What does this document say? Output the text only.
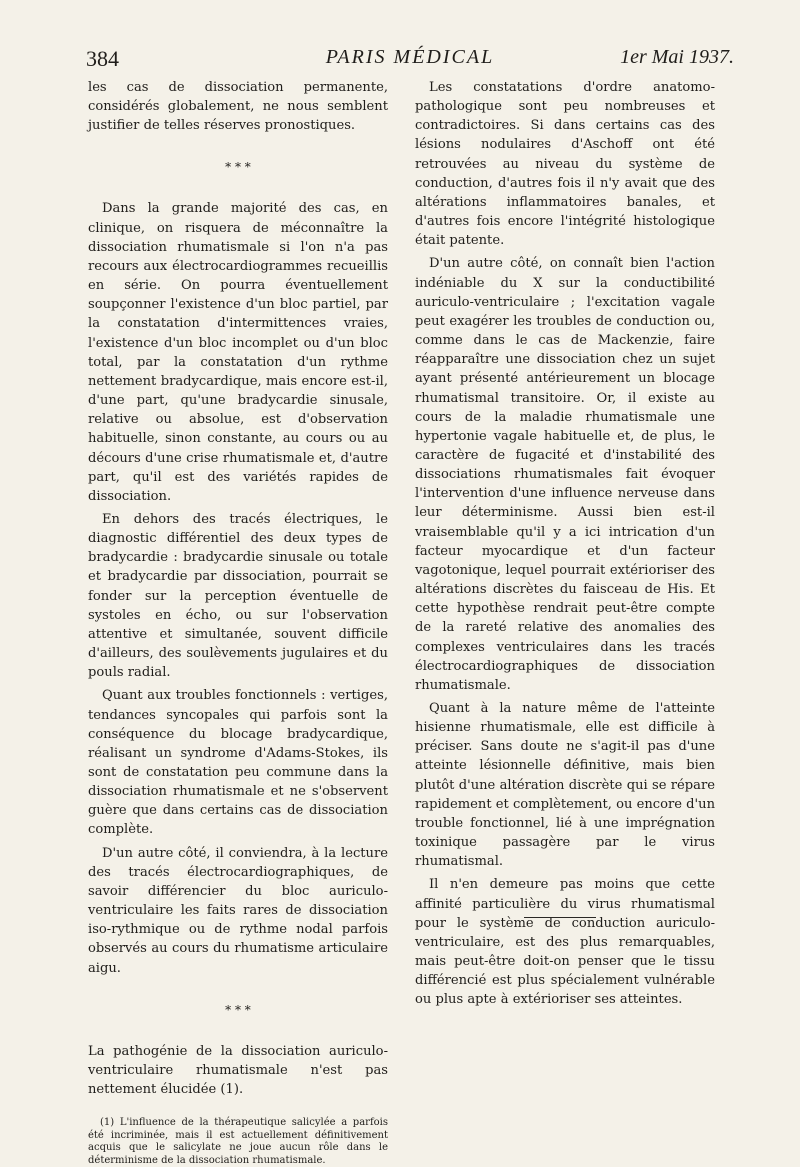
384	PARIS MÉDICAL	1er Mai 1937.

les cas de dissociation permanente, considérés globalement, ne nous semblent justifier de telles réserves pronostiques.

* * *

Dans la grande majorité des cas, en clinique, on risquera de méconnaître la dissociation rhumatismale si l'on n'a pas recours aux électrocardiogrammes recueillis en série. On pourra éventuellement soupçonner l'existence d'un bloc partiel, par la constatation d'intermittences vraies, l'existence d'un bloc incomplet ou d'un bloc total, par la constatation d'un rythme nettement bradycardique, mais encore est-il, d'une part, qu'une bradycardie sinusale, relative ou absolue, est d'observation habituelle, sinon constante, au cours ou au décours d'une crise rhumatismale et, d'autre part, qu'il est des variétés rapides de dissociation.

En dehors des tracés électriques, le diagnostic différentiel des deux types de bradycardie : bradycardie sinusale ou totale et bradycardie par dissociation, pourrait se fonder sur la perception éventuelle de systoles en écho, ou sur l'observation attentive et simultanée, souvent difficile d'ailleurs, des soulèvements jugulaires et du pouls radial.

Quant aux troubles fonctionnels : vertiges, tendances syncopales qui parfois sont la conséquence du blocage bradycardique, réalisant un syndrome d'Adams-Stokes, ils sont de constatation peu commune dans la dissociation rhumatismale et ne s'observent guère que dans certains cas de dissociation complète.

D'un autre côté, il conviendra, à la lecture des tracés électrocardiographiques, de savoir différencier du bloc auriculo-ventriculaire les faits rares de dissociation iso-rythmique ou de rythme nodal parfois observés au cours du rhumatisme articulaire aigu.

* * *

La pathogénie de la dissociation auriculo-ventriculaire rhumatismale n'est pas nettement élucidée (1).

(1) L'influence de la thérapeutique salicylée a parfois été incriminée, mais il est actuellement définitivement acquis que le salicylate ne joue aucun rôle dans le déterminisme de la dissociation rhumatismale.

Les constatations d'ordre anatomo-pathologique sont peu nombreuses et contradictoires. Si dans certains cas des lésions nodulaires d'Aschoff ont été retrouvées au niveau du système de conduction, d'autres fois il n'y avait que des altérations inflammatoires banales, et d'autres fois encore l'intégrité histologique était patente.

D'un autre côté, on connaît bien l'action indéniable du X sur la conductibilité auriculo-ventriculaire ; l'excitation vagale peut exagérer les troubles de conduction ou, comme dans le cas de Mackenzie, faire réapparaître une dissociation chez un sujet ayant présenté antérieurement un blocage rhumatismal transitoire. Or, il existe au cours de la maladie rhumatismale une hypertonie vagale habituelle et, de plus, le caractère de fugacité et d'instabilité des dissociations rhumatismales fait évoquer l'intervention d'une influence nerveuse dans leur déterminisme. Aussi bien est-il vraisemblable qu'il y a ici intrication d'un facteur myocardique et d'un facteur vagotonique, lequel pourrait extérioriser des altérations discrètes du faisceau de His. Et cette hypothèse rendrait peut-être compte de la rareté relative des anomalies des complexes ventriculaires dans les tracés électrocardiographiques de dissociation rhumatismale.

Quant à la nature même de l'atteinte hisienne rhumatismale, elle est difficile à préciser. Sans doute ne s'agit-il pas d'une atteinte lésionnelle définitive, mais bien plutôt d'une altération discrète qui se répare rapidement et complètement, ou encore d'un trouble fonctionnel, lié à une imprégnation toxinique passagère par le virus rhumatismal.

Il n'en demeure pas moins que cette affinité particulière du virus rhumatismal pour le système de conduction auriculo-ventriculaire, est des plus remarquables, mais peut-être doit-on penser que le tissu différencié est plus spécialement vulnérable ou plus apte à extérioriser ses atteintes.
